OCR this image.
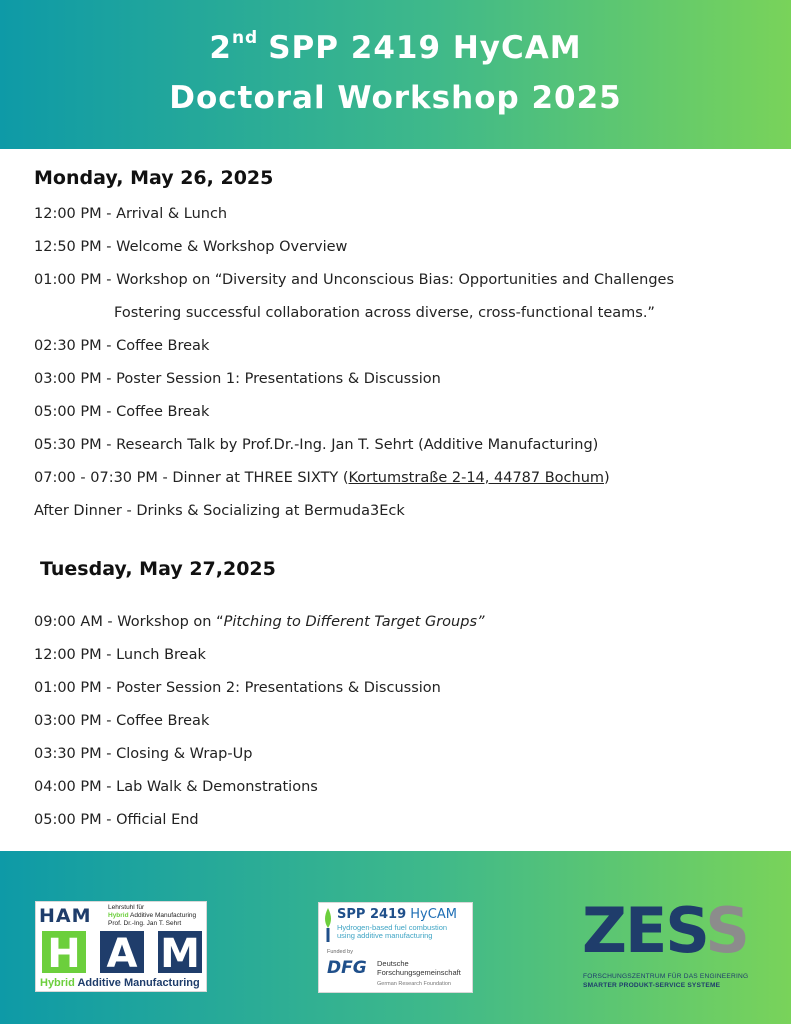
2nd SPP 2419 HyCAM
Doctoral Workshop 2025
Monday, May 26, 2025
12:00 PM - Arrival & Lunch
12:50 PM - Welcome & Workshop Overview
01:00 PM - Workshop on “Diversity and Unconscious Bias: Opportunities and Challenges
Fostering successful collaboration across diverse, cross-functional teams.”
02:30 PM - Coffee Break
03:00 PM - Poster Session 1: Presentations & Discussion
05:00 PM - Coffee Break
05:30 PM - Research Talk by Prof.Dr.-Ing. Jan T. Sehrt (Additive Manufacturing)
07:00 - 07:30 PM - Dinner at THREE SIXTY (Kortumstraße 2-14, 44787 Bochum)
After Dinner - Drinks & Socializing at Bermuda3Eck
Tuesday, May 27,2025
09:00 AM - Workshop on “Pitching to Different Target Groups”
12:00 PM - Lunch Break
01:00 PM - Poster Session 2: Presentations & Discussion
03:00 PM - Coffee Break
03:30 PM - Closing & Wrap-Up
04:00 PM - Lab Walk & Demonstrations
05:00 PM - Official End
HAM	Lehrstuhl für
Hybrid Additive Manufacturing
Prof. Dr.-Ing. Jan T. Sehrt
H A M
Hybrid Additive Manufacturing
SPP 2419 HyCAM
Hydrogen-based fuel combustion
using additive manufacturing
Funded by
DFG Deutsche
Forschungsgemeinschaft
German Research Foundation
ZESS
FORSCHUNGSZENTRUM FÜR DAS ENGINEERING
SMARTER PRODUKT-SERVICE SYSTEME
